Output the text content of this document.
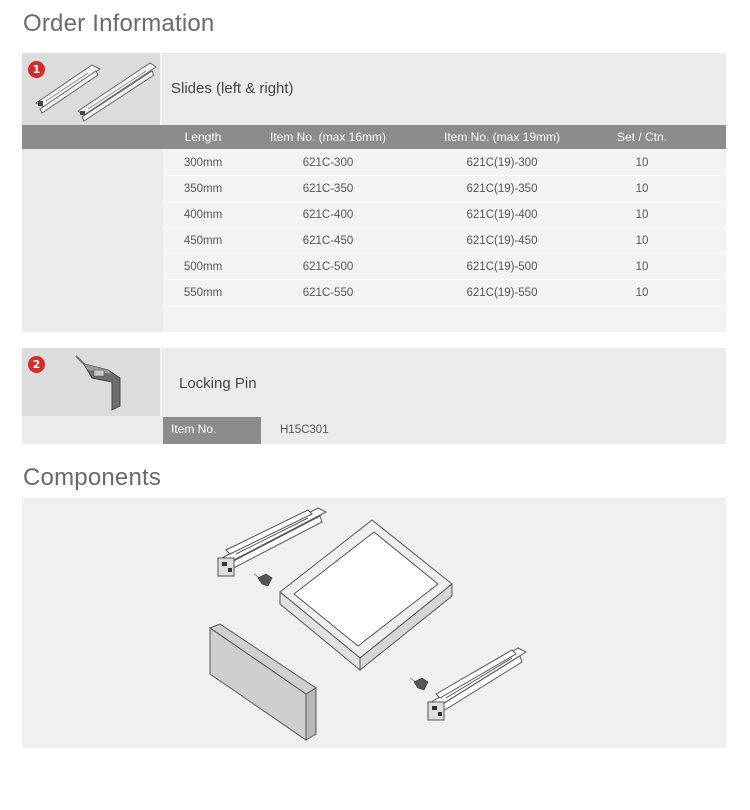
Order Information
1
Slides (left & right)
Length	Item No. (max 16mm)	Item No. (max 19mm)	Set / Ctn.
300mm	621C-300	621C(19)-300	10
350mm	621C-350	621C(19)-350	10
400mm	621C-400	621C(19)-400	10
450mm	621C-450	621C(19)-450	10
500mm	621C-500	621C(19)-500	10
550mm	621C-550	621C(19)-550	10
2
Locking Pin
Item No.	H15C301
Components
